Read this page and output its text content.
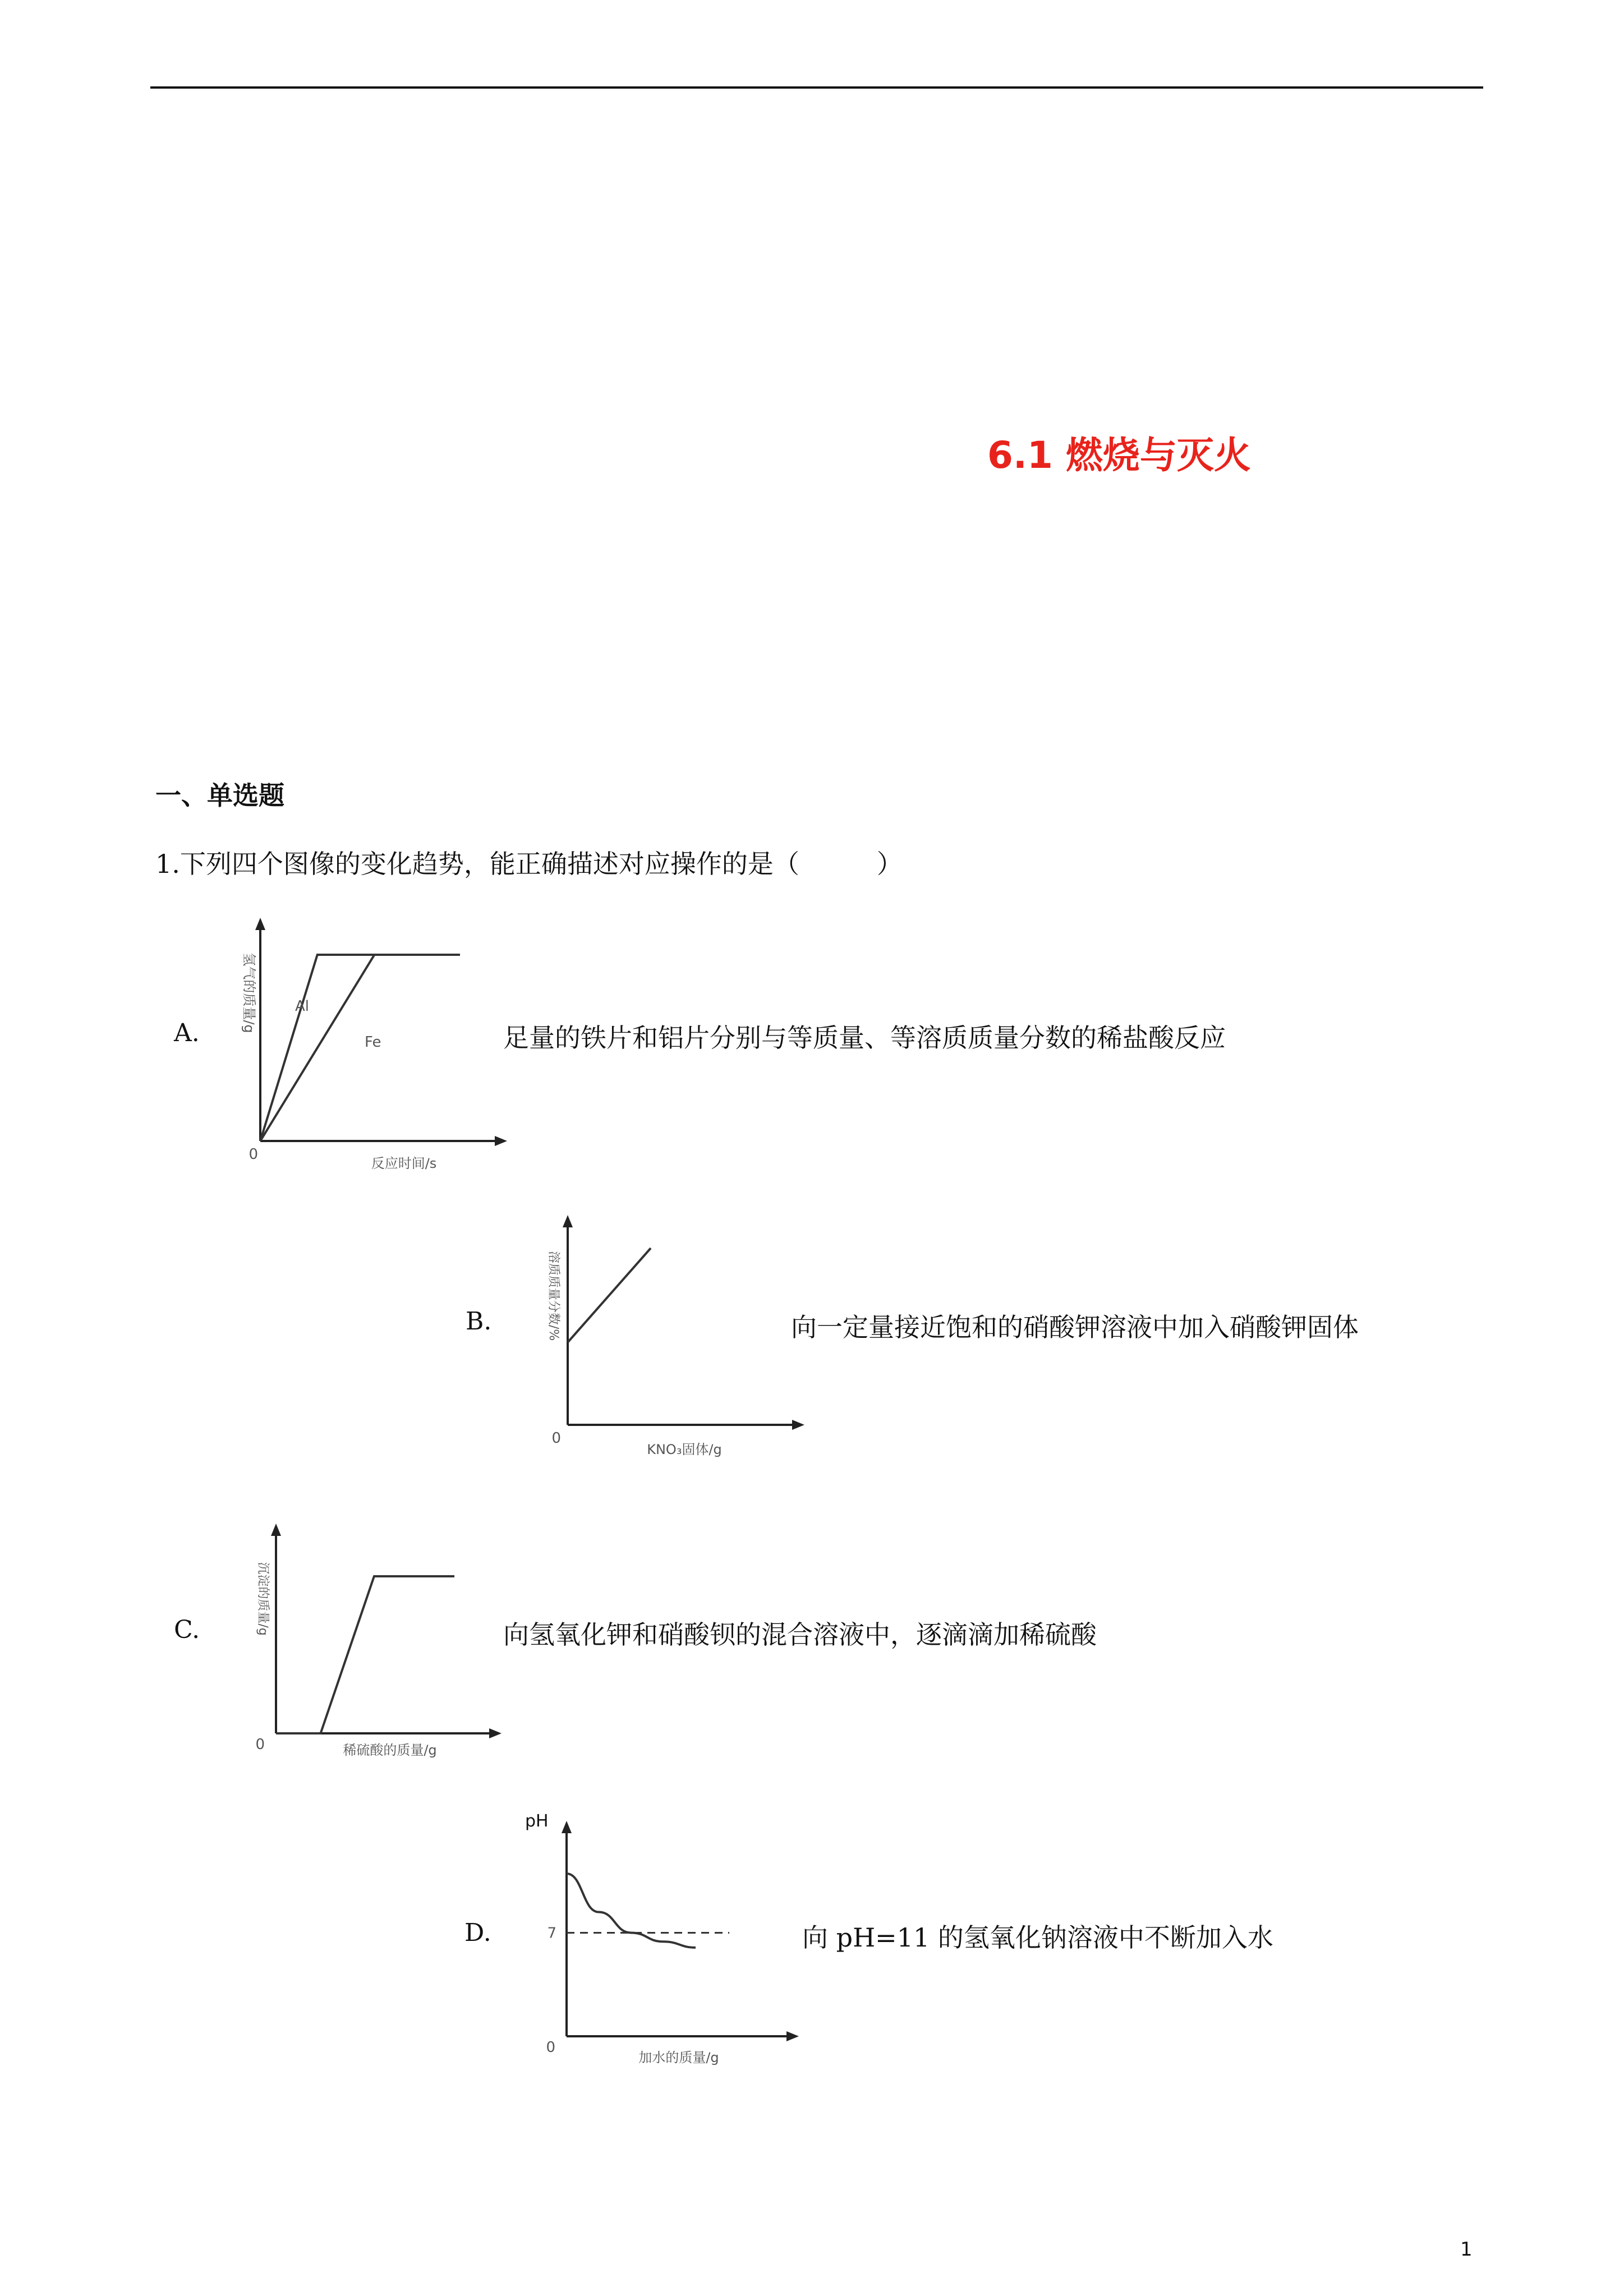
6.1 燃烧与灭火
一、单选题
1.下列四个图像的变化趋势，能正确描述对应操作的是（　　　）
A.
0
反应时间/s
氢气的质量/g	Al
Fe	足量的铁片和铝片分别与等质量、等溶质质量分数的稀盐酸反应
B.
0
KNO₃固体/g
溶质质量分数/%	向一定量接近饱和的硝酸钾溶液中加入硝酸钾固体
C.
0	稀硫酸的质量/g
沉淀的质量/g	向氢氧化钾和硝酸钡的混合溶液中，逐滴滴加稀硫酸
D.
pH
0
7
加水的质量/g
向 pH=11 的氢氧化钠溶液中不断加入水
1
